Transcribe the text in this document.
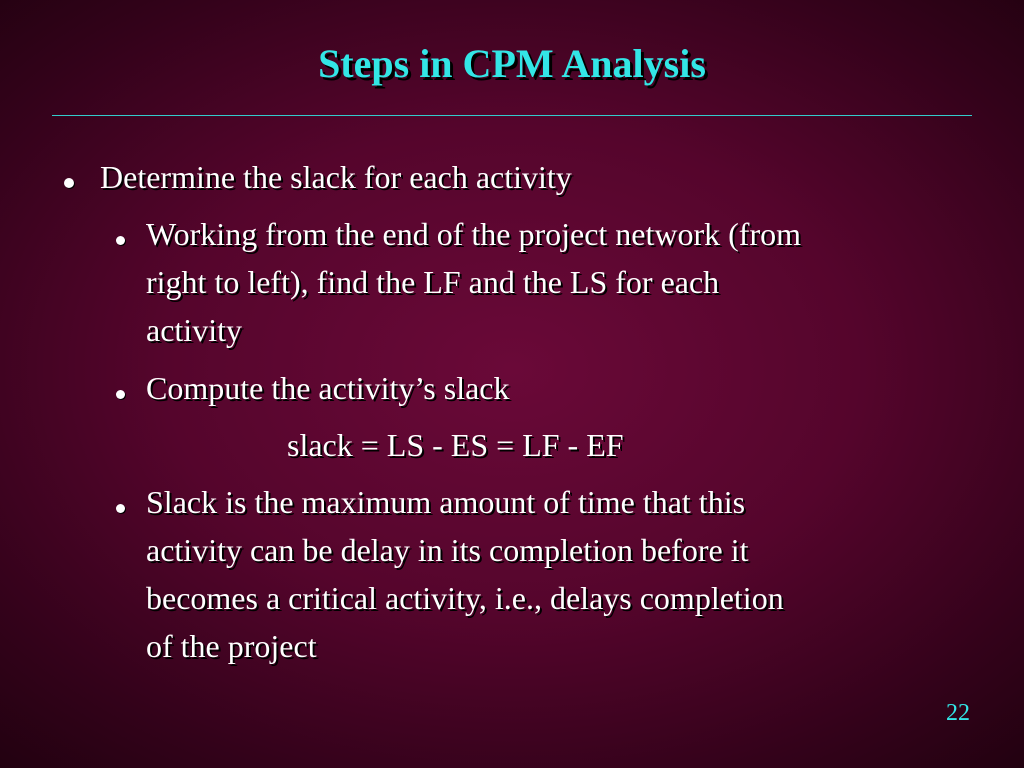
Steps in CPM Analysis
Determine the slack for each activity
Working from the end of the project network (from
right to left), find the LF and the LS for each
activity
Compute the activity’s slack
slack = LS - ES = LF - EF
Slack is the maximum amount of time that this
activity can be delay in its completion before it
becomes a critical activity, i.e., delays completion
of the project
22
